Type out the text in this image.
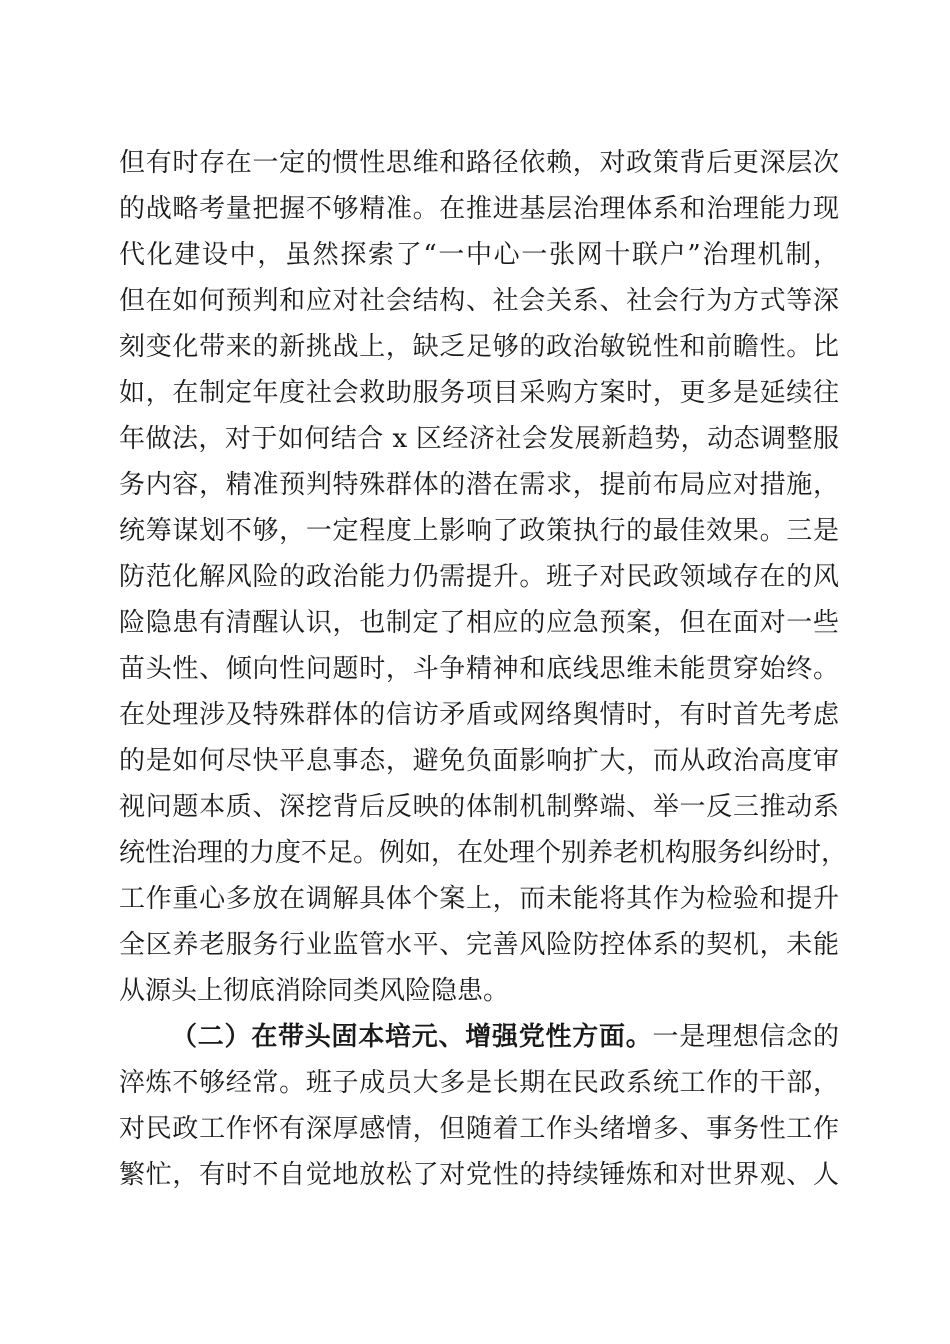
但有时存在一定的惯性思维和路径依赖，对政策背后更深层次
的战略考量把握不够精准。在推进基层治理体系和治理能力现
代化建设中，虽然探索了“一中心一张网十联户”治理机制，
但在如何预判和应对社会结构、社会关系、社会行为方式等深
刻变化带来的新挑战上，缺乏足够的政治敏锐性和前瞻性。比
如，在制定年度社会救助服务项目采购方案时，更多是延续往
年做法，对于如何结合 x 区经济社会发展新趋势，动态调整服
务内容，精准预判特殊群体的潜在需求，提前布局应对措施，
统筹谋划不够，一定程度上影响了政策执行的最佳效果。三是
防范化解风险的政治能力仍需提升。班子对民政领域存在的风
险隐患有清醒认识，也制定了相应的应急预案，但在面对一些
苗头性、倾向性问题时，斗争精神和底线思维未能贯穿始终。
在处理涉及特殊群体的信访矛盾或网络舆情时，有时首先考虑
的是如何尽快平息事态，避免负面影响扩大，而从政治高度审
视问题本质、深挖背后反映的体制机制弊端、举一反三推动系
统性治理的力度不足。例如，在处理个别养老机构服务纠纷时，
工作重心多放在调解具体个案上，而未能将其作为检验和提升
全区养老服务行业监管水平、完善风险防控体系的契机，未能
从源头上彻底消除同类风险隐患。
（二）在带头固本培元、增强党性方面。一是理想信念的
淬炼不够经常。班子成员大多是长期在民政系统工作的干部，
对民政工作怀有深厚感情，但随着工作头绪增多、事务性工作
繁忙，有时不自觉地放松了对党性的持续锤炼和对世界观、人
